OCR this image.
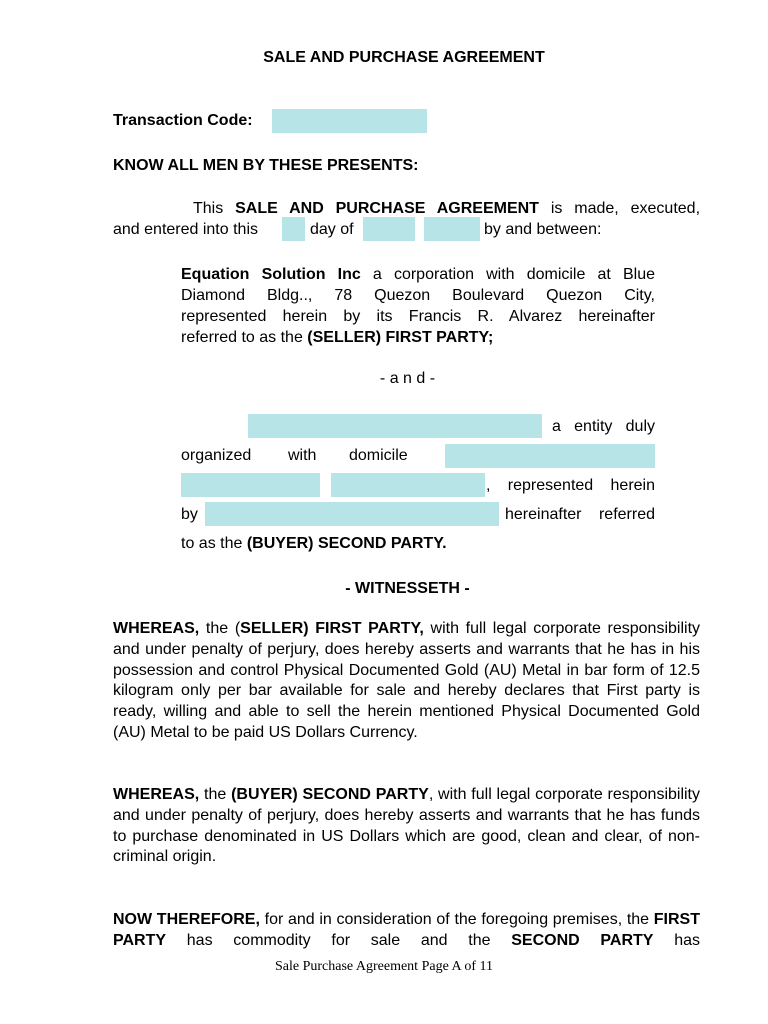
SALE AND PURCHASE AGREEMENT
Transaction Code:
KNOW ALL MEN BY THESE PRESENTS:
This SALE AND PURCHASE AGREEMENT is made, executed,
and entered into this	day of	by and between:
Equation Solution Inc a corporation with domicile at Blue
Diamond Bldg.., 78 Quezon Boulevard Quezon City,
represented herein by its Francis R. Alvarez hereinafter
referred to as the (SELLER) FIRST PARTY;
- a n d -
a entity duly
organized with domicile
, represented herein
by	hereinafter referred
to as the (BUYER) SECOND PARTY.
- WITNESSETH -
WHEREAS, the (SELLER) FIRST PARTY, with full legal corporate responsibility and under penalty of perjury, does hereby asserts and warrants that he has in his possession and control Physical Documented Gold (AU) Metal in bar form of 12.5 kilogram only per bar available for sale and hereby declares that First party is ready, willing and able to sell the herein mentioned Physical Documented Gold (AU) Metal to be paid US Dollars Currency.
WHEREAS, the (BUYER) SECOND PARTY, with full legal corporate responsibility and under penalty of perjury, does hereby asserts and warrants that he has funds to purchase denominated in US Dollars which are good, clean and clear, of non-criminal origin.
NOW THEREFORE, for and in consideration of the foregoing premises, the FIRST PARTY has commodity for sale and the SECOND PARTY has
Sale Purchase Agreement Page A of 11
